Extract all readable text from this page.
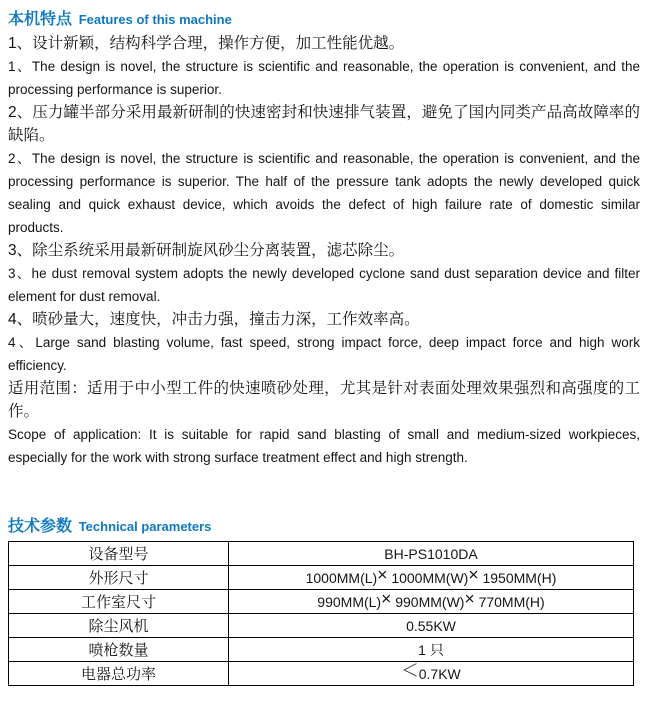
本机特点 Features of this machine

1、设计新颖，结构科学合理，操作方便，加工性能优越。

1、The design is novel, the structure is scientific and reasonable, the operation is convenient, and the processing performance is superior.

2、压力罐半部分采用最新研制的快速密封和快速排气装置，避免了国内同类产品高故障率的缺陷。

2、The design is novel, the structure is scientific and reasonable, the operation is convenient, and the processing performance is superior. The half of the pressure tank adopts the newly developed quick sealing and quick exhaust device, which avoids the defect of high failure rate of domestic similar products.

3、除尘系统采用最新研制旋风砂尘分离装置，滤芯除尘。

3、he dust removal system adopts the newly developed cyclone sand dust separation device and filter element for dust removal.

4、喷砂量大，速度快，冲击力强，撞击力深，工作效率高。

4、Large sand blasting volume, fast speed, strong impact force, deep impact force and high work efficiency.

适用范围：适用于中小型工件的快速喷砂处理，尤其是针对表面处理效果强烈和高强度的工作。

Scope of application: It is suitable for rapid sand blasting of small and medium-sized workpieces, especially for the work with strong surface treatment effect and high strength.

技术参数 Technical parameters
设备型号	BH-PS1010DA
外形尺寸	1000MM(L)× 1000MM(W)× 1950MM(H)
工作室尺寸	990MM(L)× 990MM(W)× 770MM(H)
除尘风机	0.55KW
喷枪数量	1 只
电器总功率	＜0.7KW
